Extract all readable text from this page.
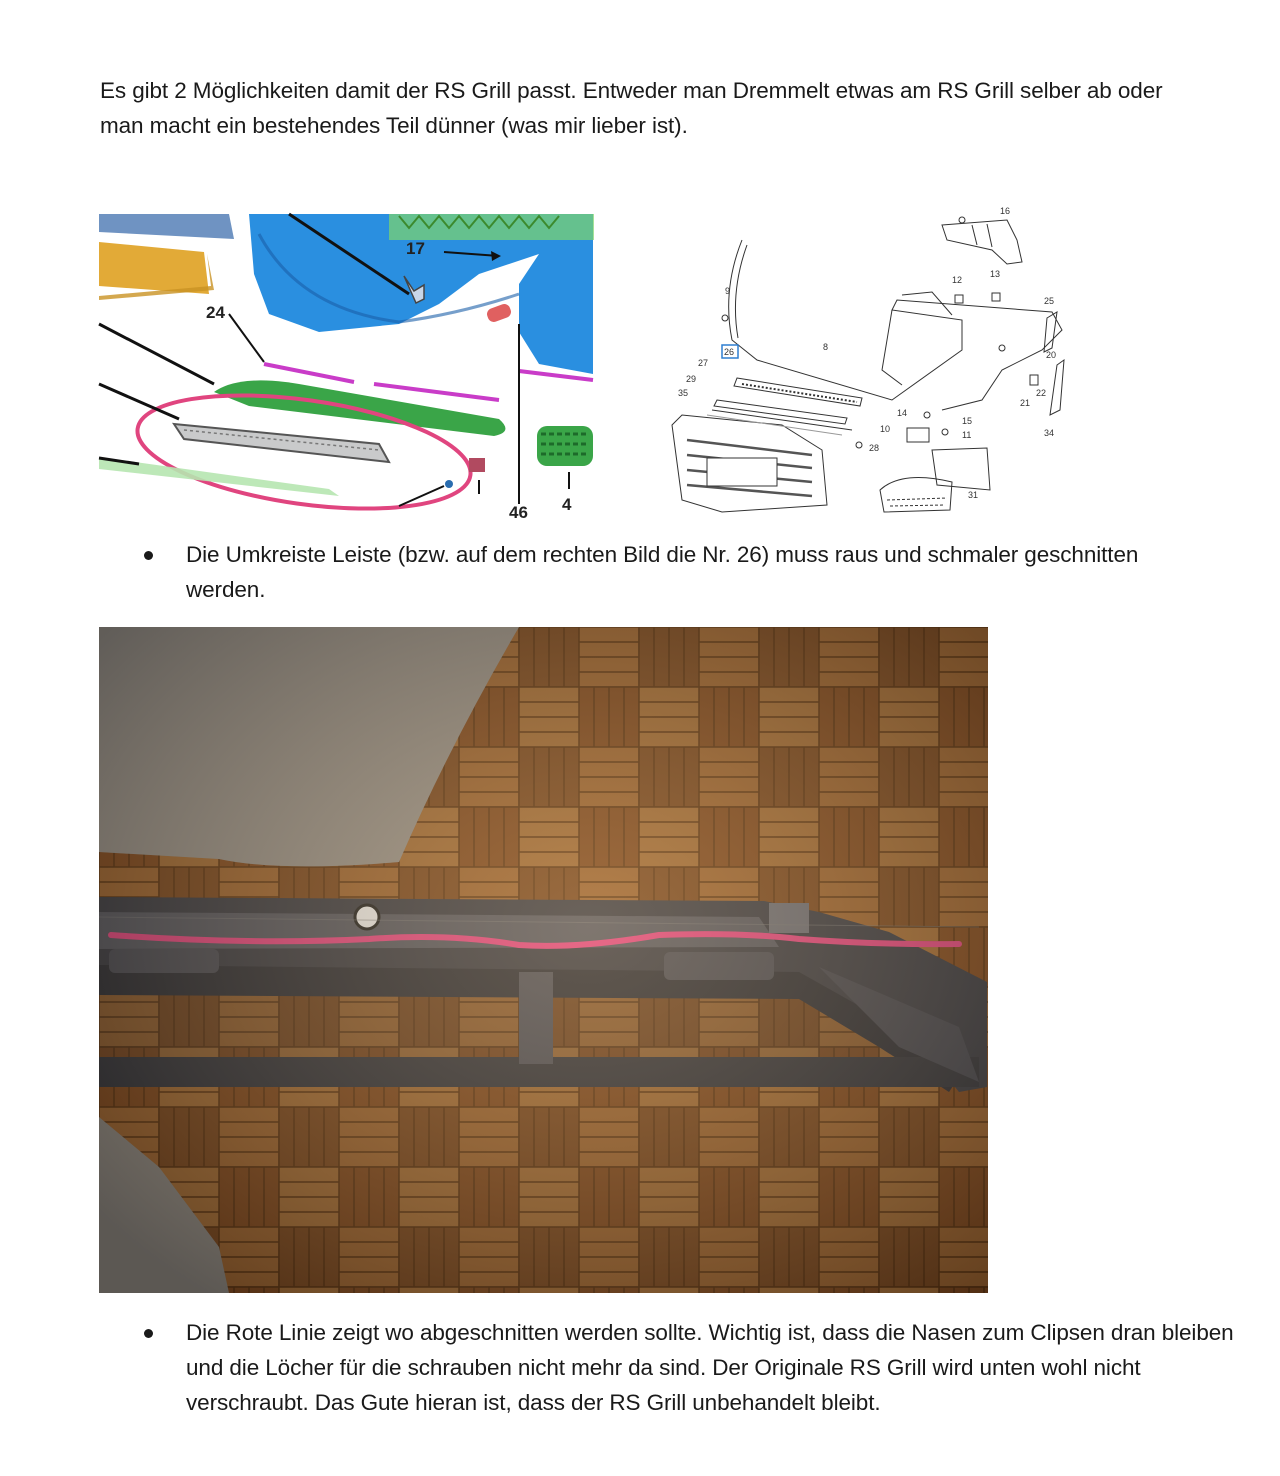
Es gibt 2 Möglichkeiten damit der RS Grill passt. Entweder man Dremmelt etwas am RS Grill selber ab oder man macht ein bestehendes Teil dünner (was mir lieber ist).

17
24
4
46
16
12
13
25
9
8
26
27
29
35
14
15
11
10
28
20
22
21
34
31

Die Umkreiste Leiste (bzw. auf dem rechten Bild die Nr. 26) muss raus und schmaler geschnitten werden.

Die Rote Linie zeigt wo abgeschnitten werden sollte. Wichtig ist, dass die Nasen zum Clipsen dran bleiben und die Löcher für die schrauben nicht mehr da sind. Der Originale RS Grill wird unten wohl nicht verschraubt. Das Gute hieran ist, dass der RS Grill unbehandelt bleibt.
